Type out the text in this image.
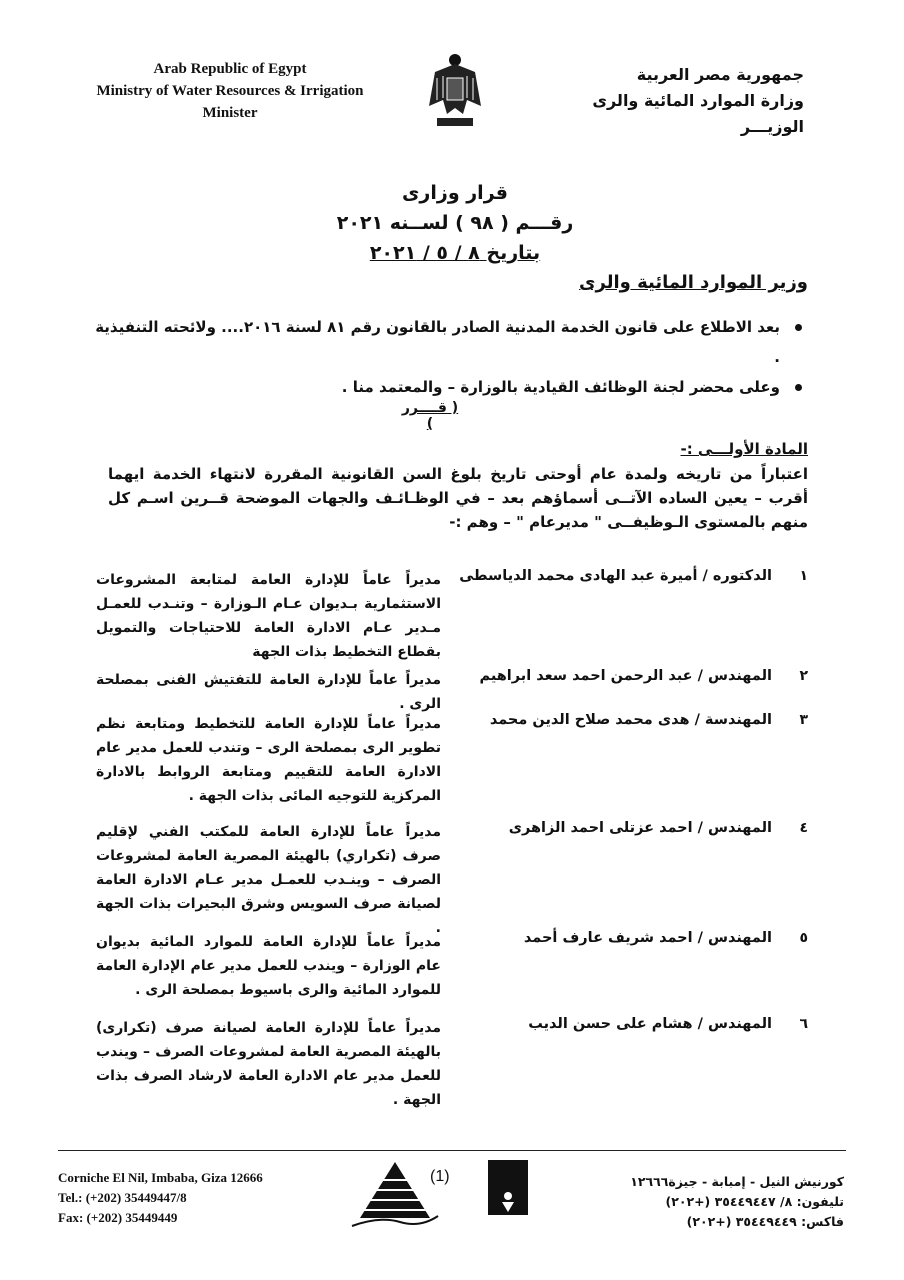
Arab Republic of Egypt
Ministry of Water Resources & Irrigation
Minister
جمهورية مصر العربية
وزارة الموارد المائية والرى
الوزيـــر
قرار وزارى
رقـــم ( ٩٨ ) لســنه ٢٠٢١
بتاريخ ٨ / ٥ / ٢٠٢١
وزير الموارد المائية والرى
بعد الاطلاع على قانون الخدمة المدنية الصادر بالقانون رقم ٨١ لسنة ٢٠١٦.... ولائحته التنفيذية .
وعلى محضر لجنة الوظائف القيادية بالوزارة – والمعتمد منا .
( قــــرر )
المادة الأولـــى :-
اعتباراً من تاريخه ولمدة عام أوحتى تاريخ بلوغ السن القانونية المقررة لانتهاء الخدمة ايهما أقرب – يعين الساده الآتــى أسماؤهم بعد – في الوظـائـف والجهات الموضحة قــرين اسـم كل منهم بالمستوى الـوظيفــى " مديرعام " – وهم :-
١
الدكتوره / أميرة عبد الهادى محمد الدياسطى
مديراً عاماً للإدارة العامة لمتابعة المشروعات الاستثمارية بـديوان عـام الـوزارة – وتنـدب للعمـل مـدير عـام الادارة العامة للاحتياجات والتمويل بقطاع التخطيط بذات الجهة
٢
المهندس / عبد الرحمن احمد سعد ابراهيم
مديراً عاماً للإدارة العامة للتفتيش الفنى بمصلحة الرى .
٣
المهندسة / هدى محمد صلاح الدين محمد
مديراً عاماً للإدارة العامة للتخطيط ومتابعة نظم تطوير الرى بمصلحة الرى – وتندب للعمل مدير عام الادارة العامة للتقييم ومتابعة الروابط بالادارة المركزية للتوجيه المائى بذات الجهة .
٤
المهندس / احمد عزتلى احمد الزاهرى
مديراً عاماً للإدارة العامة للمكتب الفني لإقليم صرف (تكراري) بالهيئة المصرية العامة لمشروعات الصرف – وينـدب للعمـل مدير عـام الادارة العامة لصيانة صرف السويس وشرق البحيرات بذات الجهة .
٥
المهندس / احمد شريف عارف أحمد
مديراً عاماً للإدارة العامة للموارد المائية بديوان عام الوزارة – ويندب للعمل مدير عام الإدارة العامة للموارد المائية والرى باسيوط بمصلحة الرى .
٦
المهندس / هشام على حسن الديب
مديراً عاماً للإدارة العامة لصيانة صرف (تكرارى) بالهيئة المصرية العامة لمشروعات الصرف – ويندب للعمل مدير عام الادارة العامة لارشاد الصرف بذات الجهة .
Corniche El Nil, Imbaba, Giza 12666
Tel.: (+202) 35449447/8
Fax: (+202) 35449449
(1)	كورنيش النيل - إمبابة - جيزة١٢٦٦٦
تليفون: ٨/ ٣٥٤٤٩٤٤٧ (+٢٠٢)
فاكس: ٣٥٤٤٩٤٤٩ (+٢٠٢)
